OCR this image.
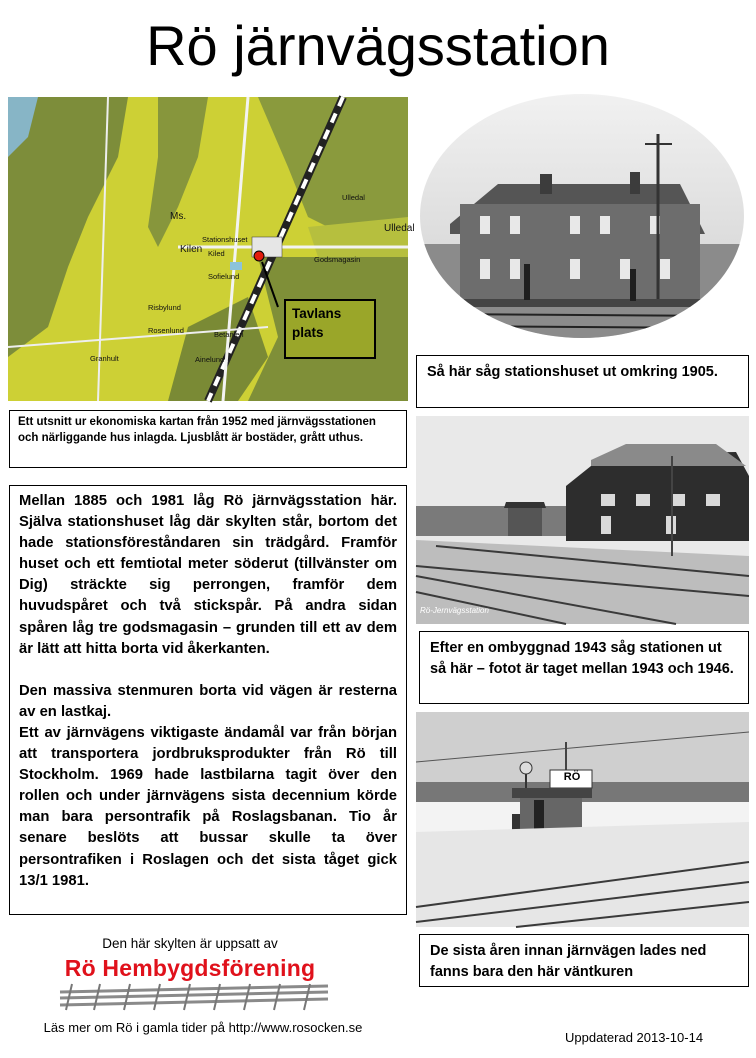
Rö järnvägsstation
Stationshuset
Kilen Kiled
Sofielund
Godsmagasin
Risbylund
Rosenlund	Betanien
Granhult	Ainelund
Ms.
Ulledal
Ulledal
Tavlans plats
Ett utsnitt ur ekonomiska kartan från 1952 med järnvägsstationen och närliggande hus inlagda. Ljusblått är bostäder, grått uthus.
Så här såg stationshuset ut omkring 1905.
Rö-Jernvägsstation
Efter en ombyggnad 1943 såg stationen ut så här – fotot är taget mellan 1943 och 1946.
RÖ
De sista åren innan järnvägen lades ned fanns bara den här väntkuren

Mellan 1885 och 1981 låg Rö järnvägsstation här. Själva stationshuset låg där skylten står, bortom det hade stationsföreståndaren sin trädgård. Framför huset och ett femtiotal meter söderut (tillvänster om Dig) sträckte sig perrongen, framför dem huvudspåret och två stickspår. På andra sidan spåren låg tre godsmagasin – grunden till ett av dem är lätt att hitta borta vid åkerkanten.

Den massiva stenmuren borta vid vägen är resterna av en lastkaj.

Ett av järnvägens viktigaste ändamål var från början att transportera jordbruksprodukter från Rö till Stockholm. 1969 hade lastbilarna tagit över den rollen och under järnvägens sista decennium körde man bara persontrafik på Roslagsbanan. Tio år senare beslöts att bussar skulle ta över persontrafiken i Roslagen och det sista tåget gick 13/1 1981.

Den här skylten är uppsatt av
Rö Hembygdsförening
Läs mer om Rö i gamla tider på http://www.rosocken.se
Uppdaterad 2013-10-14
